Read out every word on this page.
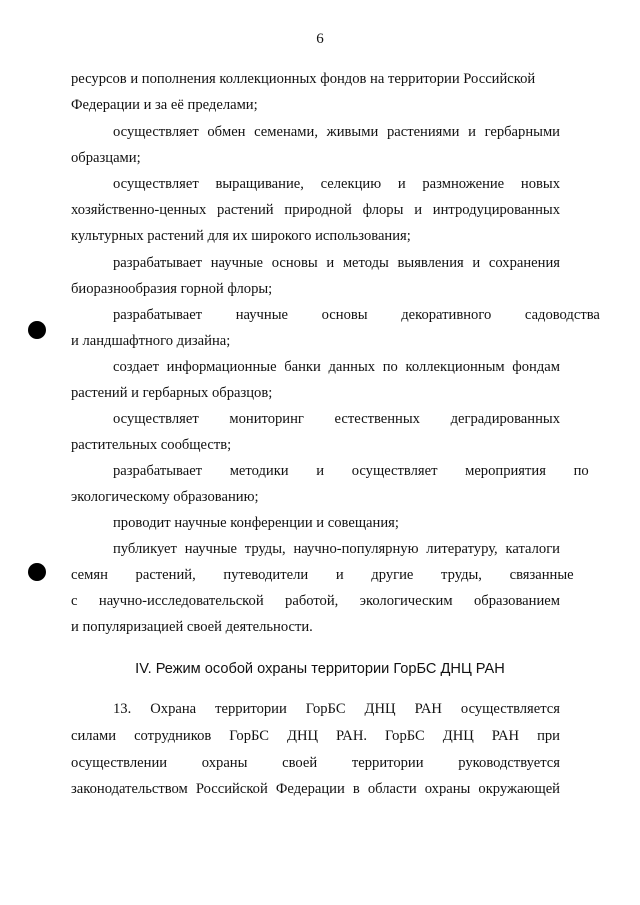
6
ресурсов и пополнения коллекционных фондов на территории Российской
Федерации и за её пределами;
осуществляет обмен семенами, живыми растениями и гербарными
образцами;
осуществляет выращивание, селекцию и размножение новых
хозяйственно-ценных растений природной флоры и интродуцированных
культурных растений для их широкого использования;
разрабатывает научные основы и методы выявления и сохранения
биоразнообразия горной флоры;
разрабатывает научные основы декоративного садоводства
и ландшафтного дизайна;
создает информационные банки данных по коллекционным фондам
растений и гербарных образцов;
осуществляет мониторинг естественных деградированных
растительных сообществ;
разрабатывает методики и осуществляет мероприятия по
экологическому образованию;
проводит научные конференции и совещания;
публикует научные труды, научно-популярную литературу, каталоги
семян растений, путеводители и другие труды, связанные
с научно-исследовательской работой, экологическим образованием
и популяризацией своей деятельности.
IV. Режим особой охраны территории ГорБС ДНЦ РАН
13. Охрана территории ГорБС ДНЦ РАН осуществляется
силами сотрудников ГорБС ДНЦ РАН. ГорБС ДНЦ РАН при
осуществлении охраны своей территории руководствуется
законодательством Российской Федерации в области охраны окружающей
